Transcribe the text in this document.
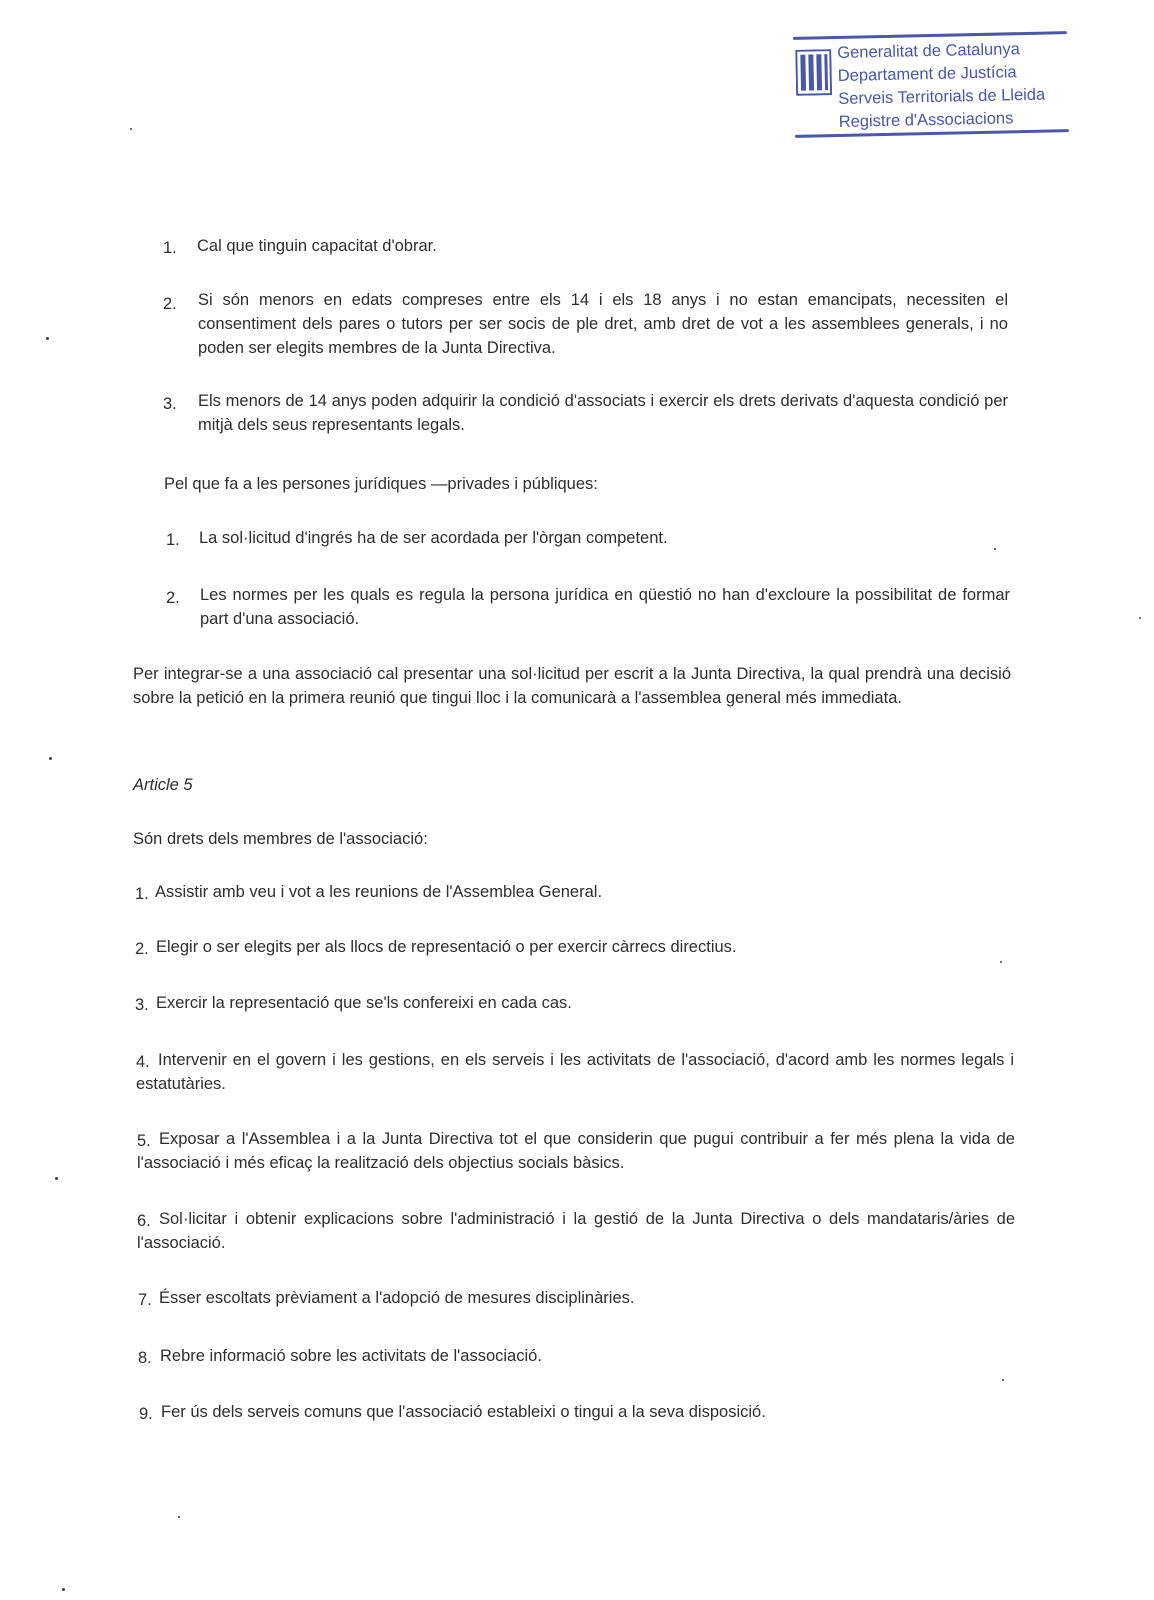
Generalitat de Catalunya
Departament de Justícia
Serveis Territorials de Lleida
Registre d'Associacions
1. Cal que tinguin capacitat d'obrar.
2. Si són menors en edats compreses entre els 14 i els 18 anys i no estan emancipats, necessiten el consentiment dels pares o tutors per ser socis de ple dret, amb dret de vot a les assemblees generals, i no poden ser elegits membres de la Junta Directiva.
3. Els menors de 14 anys poden adquirir la condició d'associats i exercir els drets derivats d'aquesta condició per mitjà dels seus representants legals.
Pel que fa a les persones jurídiques —privades i públiques:
1. La sol·licitud d'ingrés ha de ser acordada per l'òrgan competent.
2. Les normes per les quals es regula la persona jurídica en qüestió no han d'excloure la possibilitat de formar part d'una associació.
Per integrar-se a una associació cal presentar una sol·licitud per escrit a la Junta Directiva, la qual prendrà una decisió sobre la petició en la primera reunió que tingui lloc i la comunicarà a l'assemblea general més immediata.
Article 5
Són drets dels membres de l'associació:
1. Assistir amb veu i vot a les reunions de l'Assemblea General.
2. Elegir o ser elegits per als llocs de representació o per exercir càrrecs directius.
3. Exercir la representació que se'ls confereixi en cada cas.
4. Intervenir en el govern i les gestions, en els serveis i les activitats de l'associació, d'acord amb les normes legals i estatutàries.
5. Exposar a l'Assemblea i a la Junta Directiva tot el que considerin que pugui contribuir a fer més plena la vida de l'associació i més eficaç la realització dels objectius socials bàsics.
6. Sol·licitar i obtenir explicacions sobre l'administració i la gestió de la Junta Directiva o dels mandataris/àries de l'associació.
7. Ésser escoltats prèviament a l'adopció de mesures disciplinàries.
8. Rebre informació sobre les activitats de l'associació.
9. Fer ús dels serveis comuns que l'associació estableixi o tingui a la seva disposició.
